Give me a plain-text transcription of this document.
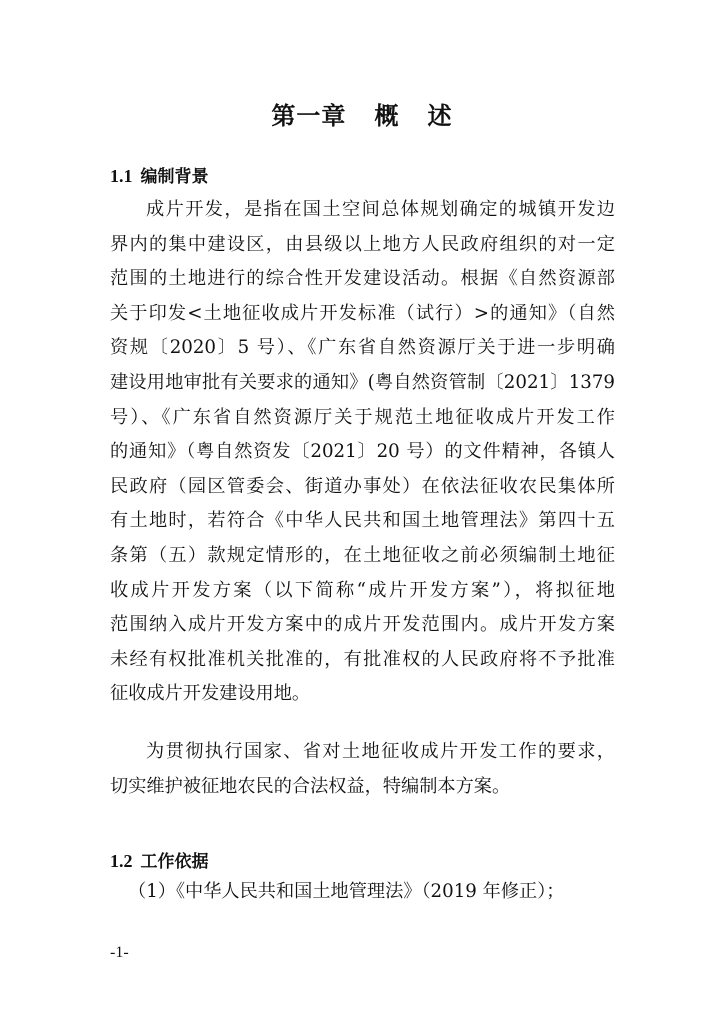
第一章   概   述
1.1 编制背景
成片开发，是指在国土空间总体规划确定的城镇开发边
界内的集中建设区，由县级以上地方人民政府组织的对一定
范围的土地进行的综合性开发建设活动。根据《自然资源部
关于印发<土地征收成片开发标准（试行）>的通知》（自然
资规〔2020〕5 号）、《广东省自然资源厅关于进一步明确
建设用地审批有关要求的通知》(粤自然资管制〔2021〕1379
号）、《广东省自然资源厅关于规范土地征收成片开发工作
的通知》（粤自然资发〔2021〕20 号）的文件精神，各镇人
民政府（园区管委会、街道办事处）在依法征收农民集体所
有土地时，若符合《中华人民共和国土地管理法》第四十五
条第（五）款规定情形的，在土地征收之前必须编制土地征
收成片开发方案（以下简称“成片开发方案”），将拟征地
范围纳入成片开发方案中的成片开发范围内。成片开发方案
未经有权批准机关批准的，有批准权的人民政府将不予批准
征收成片开发建设用地。
为贯彻执行国家、省对土地征收成片开发工作的要求，
切实维护被征地农民的合法权益，特编制本方案。
1.2 工作依据
（1）《中华人民共和国土地管理法》（2019 年修正）；
-1-
